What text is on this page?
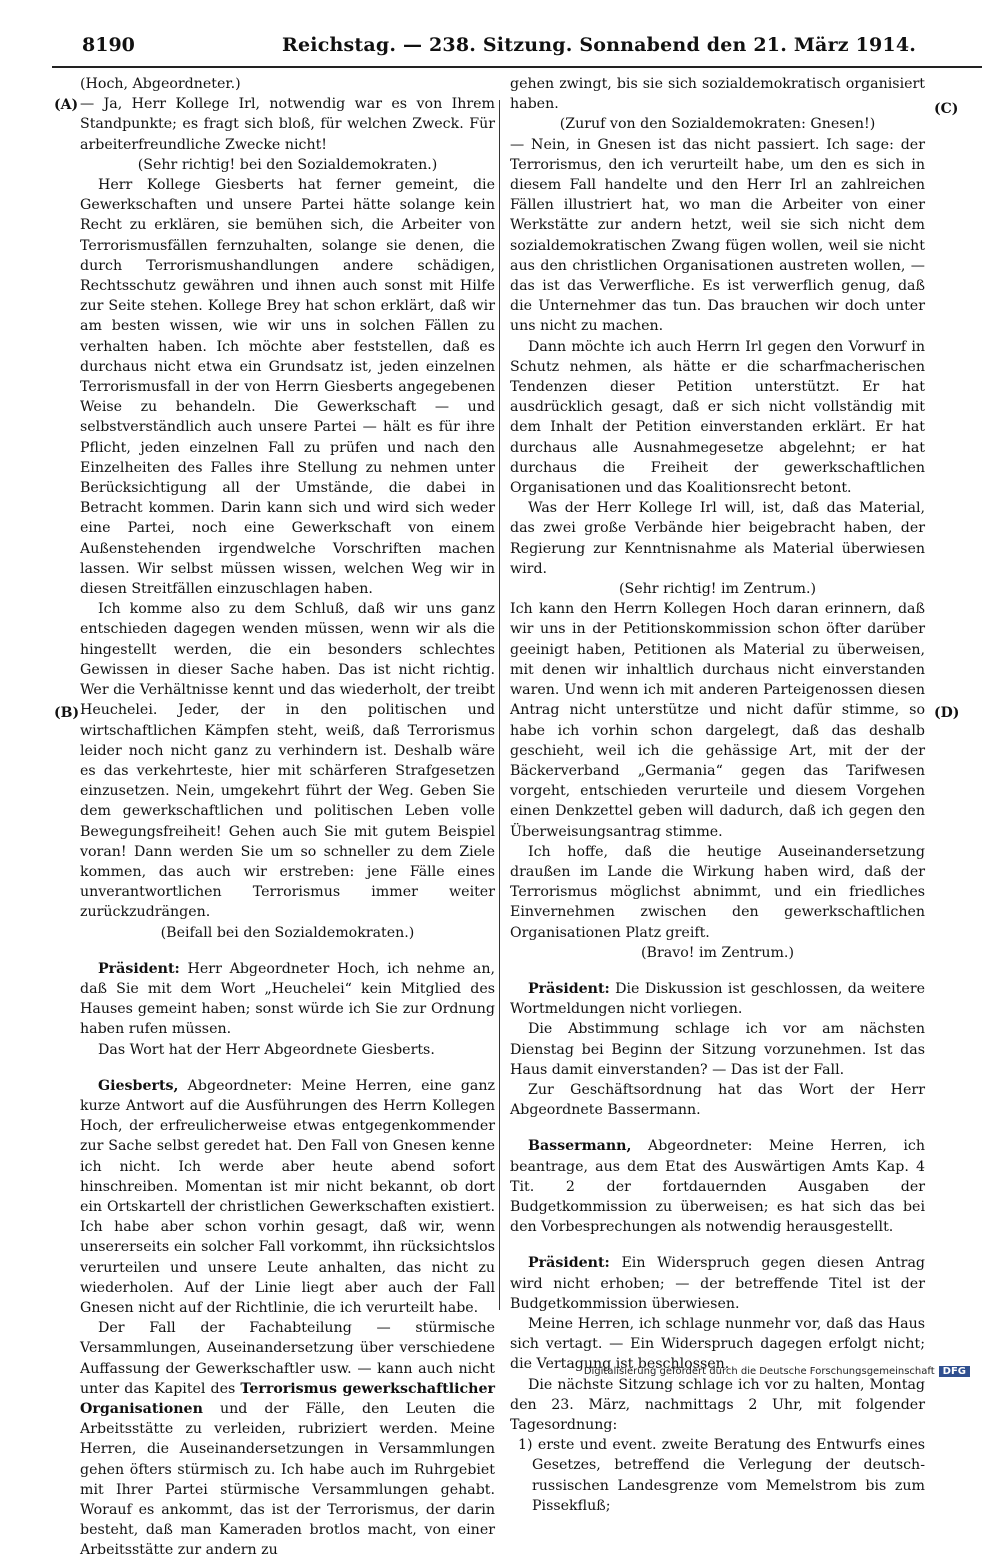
8190	Reichstag. — 238. Sitzung. Sonnabend den 21. März 1914.
(A)
(B)
(C)
(D)

(Hoch, Abgeordneter.)

— Ja, Herr Kollege Irl, notwendig war es von Ihrem Standpunkte; es fragt sich bloß, für welchen Zweck. Für arbeiterfreundliche Zwecke nicht!

(Sehr richtig! bei den Sozialdemokraten.)

Herr Kollege Giesberts hat ferner gemeint, die Gewerkschaften und unsere Partei hätte solange kein Recht zu erklären, sie bemühen sich, die Arbeiter von Terrorismusfällen fernzuhalten, solange sie denen, die durch Terrorismushandlungen andere schädigen, Rechtsschutz gewähren und ihnen auch sonst mit Hilfe zur Seite stehen. Kollege Brey hat schon erklärt, daß wir am besten wissen, wie wir uns in solchen Fällen zu verhalten haben. Ich möchte aber feststellen, daß es durchaus nicht etwa ein Grundsatz ist, jeden einzelnen Terrorismusfall in der von Herrn Giesberts angegebenen Weise zu behandeln. Die Gewerkschaft — und selbstverständlich auch unsere Partei — hält es für ihre Pflicht, jeden einzelnen Fall zu prüfen und nach den Einzelheiten des Falles ihre Stellung zu nehmen unter Berücksichtigung all der Umstände, die dabei in Betracht kommen. Darin kann sich und wird sich weder eine Partei, noch eine Gewerkschaft von einem Außenstehenden irgendwelche Vorschriften machen lassen. Wir selbst müssen wissen, welchen Weg wir in diesen Streitfällen einzuschlagen haben.

Ich komme also zu dem Schluß, daß wir uns ganz entschieden dagegen wenden müssen, wenn wir als die hingestellt werden, die ein besonders schlechtes Gewissen in dieser Sache haben. Das ist nicht richtig. Wer die Verhältnisse kennt und das wiederholt, der treibt Heuchelei. Jeder, der in den politischen und wirtschaftlichen Kämpfen steht, weiß, daß Terrorismus leider noch nicht ganz zu verhindern ist. Deshalb wäre es das verkehrteste, hier mit schärferen Strafgesetzen einzusetzen. Nein, umgekehrt führt der Weg. Geben Sie dem gewerkschaftlichen und politischen Leben volle Bewegungsfreiheit! Gehen auch Sie mit gutem Beispiel voran! Dann werden Sie um so schneller zu dem Ziele kommen, das auch wir erstreben: jene Fälle eines unverantwortlichen Terrorismus immer weiter zurückzudrängen.

(Beifall bei den Sozialdemokraten.)

Präsident: Herr Abgeordneter Hoch, ich nehme an, daß Sie mit dem Wort „Heuchelei“ kein Mitglied des Hauses gemeint haben; sonst würde ich Sie zur Ordnung haben rufen müssen.

Das Wort hat der Herr Abgeordnete Giesberts.

Giesberts, Abgeordneter: Meine Herren, eine ganz kurze Antwort auf die Ausführungen des Herrn Kollegen Hoch, der erfreulicherweise etwas entgegenkommender zur Sache selbst geredet hat. Den Fall von Gnesen kenne ich nicht. Ich werde aber heute abend sofort hinschreiben. Momentan ist mir nicht bekannt, ob dort ein Ortskartell der christlichen Gewerkschaften existiert. Ich habe aber schon vorhin gesagt, daß wir, wenn unsererseits ein solcher Fall vorkommt, ihn rücksichtslos verurteilen und unsere Leute anhalten, das nicht zu wiederholen. Auf der Linie liegt aber auch der Fall Gnesen nicht auf der Richtlinie, die ich verurteilt habe.

Der Fall der Fachabteilung — stürmische Versammlungen, Auseinandersetzung über verschiedene Auffassung der Gewerkschaftler usw. — kann auch nicht unter das Kapitel des Terrorismus gewerkschaftlicher Organisationen und der Fälle, den Leuten die Arbeitsstätte zu verleiden, rubriziert werden. Meine Herren, die Auseinandersetzungen in Versammlungen gehen öfters stürmisch zu. Ich habe auch im Ruhrgebiet mit Ihrer Partei stürmische Versammlungen gehabt. Worauf es ankommt, das ist der Terrorismus, der darin besteht, daß man Kameraden brotlos macht, von einer Arbeitsstätte zur andern zu

gehen zwingt, bis sie sich sozialdemokratisch organisiert haben.

(Zuruf von den Sozialdemokraten: Gnesen!)

— Nein, in Gnesen ist das nicht passiert. Ich sage: der Terrorismus, den ich verurteilt habe, um den es sich in diesem Fall handelte und den Herr Irl an zahlreichen Fällen illustriert hat, wo man die Arbeiter von einer Werkstätte zur andern hetzt, weil sie sich nicht dem sozialdemokratischen Zwang fügen wollen, weil sie nicht aus den christlichen Organisationen austreten wollen, — das ist das Verwerfliche. Es ist verwerflich genug, daß die Unternehmer das tun. Das brauchen wir doch unter uns nicht zu machen.

Dann möchte ich auch Herrn Irl gegen den Vorwurf in Schutz nehmen, als hätte er die scharfmacherischen Tendenzen dieser Petition unterstützt. Er hat ausdrücklich gesagt, daß er sich nicht vollständig mit dem Inhalt der Petition einverstanden erklärt. Er hat durchaus alle Ausnahmegesetze abgelehnt; er hat durchaus die Freiheit der gewerkschaftlichen Organisationen und das Koalitionsrecht betont.

Was der Herr Kollege Irl will, ist, daß das Material, das zwei große Verbände hier beigebracht haben, der Regierung zur Kenntnisnahme als Material überwiesen wird.

(Sehr richtig! im Zentrum.)

Ich kann den Herrn Kollegen Hoch daran erinnern, daß wir uns in der Petitionskommission schon öfter darüber geeinigt haben, Petitionen als Material zu überweisen, mit denen wir inhaltlich durchaus nicht einverstanden waren. Und wenn ich mit anderen Parteigenossen diesen Antrag nicht unterstütze und nicht dafür stimme, so habe ich vorhin schon dargelegt, daß das deshalb geschieht, weil ich die gehässige Art, mit der der Bäckerverband „Germania“ gegen das Tarifwesen vorgeht, entschieden verurteile und diesem Vorgehen einen Denkzettel geben will dadurch, daß ich gegen den Überweisungsantrag stimme.

Ich hoffe, daß die heutige Auseinandersetzung draußen im Lande die Wirkung haben wird, daß der Terrorismus möglichst abnimmt, und ein friedliches Einvernehmen zwischen den gewerkschaftlichen Organisationen Platz greift.

(Bravo! im Zentrum.)

Präsident: Die Diskussion ist geschlossen, da weitere Wortmeldungen nicht vorliegen.

Die Abstimmung schlage ich vor am nächsten Dienstag bei Beginn der Sitzung vorzunehmen. Ist das Haus damit einverstanden? — Das ist der Fall.

Zur Geschäftsordnung hat das Wort der Herr Abgeordnete Bassermann.

Bassermann, Abgeordneter: Meine Herren, ich beantrage, aus dem Etat des Auswärtigen Amts Kap. 4 Tit. 2 der fortdauernden Ausgaben der Budgetkommission zu überweisen; es hat sich das bei den Vorbesprechungen als notwendig herausgestellt.

Präsident: Ein Widerspruch gegen diesen Antrag wird nicht erhoben; — der betreffende Titel ist der Budgetkommission überwiesen.

Meine Herren, ich schlage nunmehr vor, daß das Haus sich vertagt. — Ein Widerspruch dagegen erfolgt nicht; die Vertagung ist beschlossen.

Die nächste Sitzung schlage ich vor zu halten, Montag den 23. März, nachmittags 2 Uhr, mit folgender Tagesordnung:

1) erste und event. zweite Beratung des Entwurfs eines Gesetzes, betreffend die Verlegung der deutsch-russischen Landesgrenze vom Memelstrom bis zum Pissekfluß;

Digitalisierung gefördert durch die Deutsche Forschungsgemeinschaft DFG
